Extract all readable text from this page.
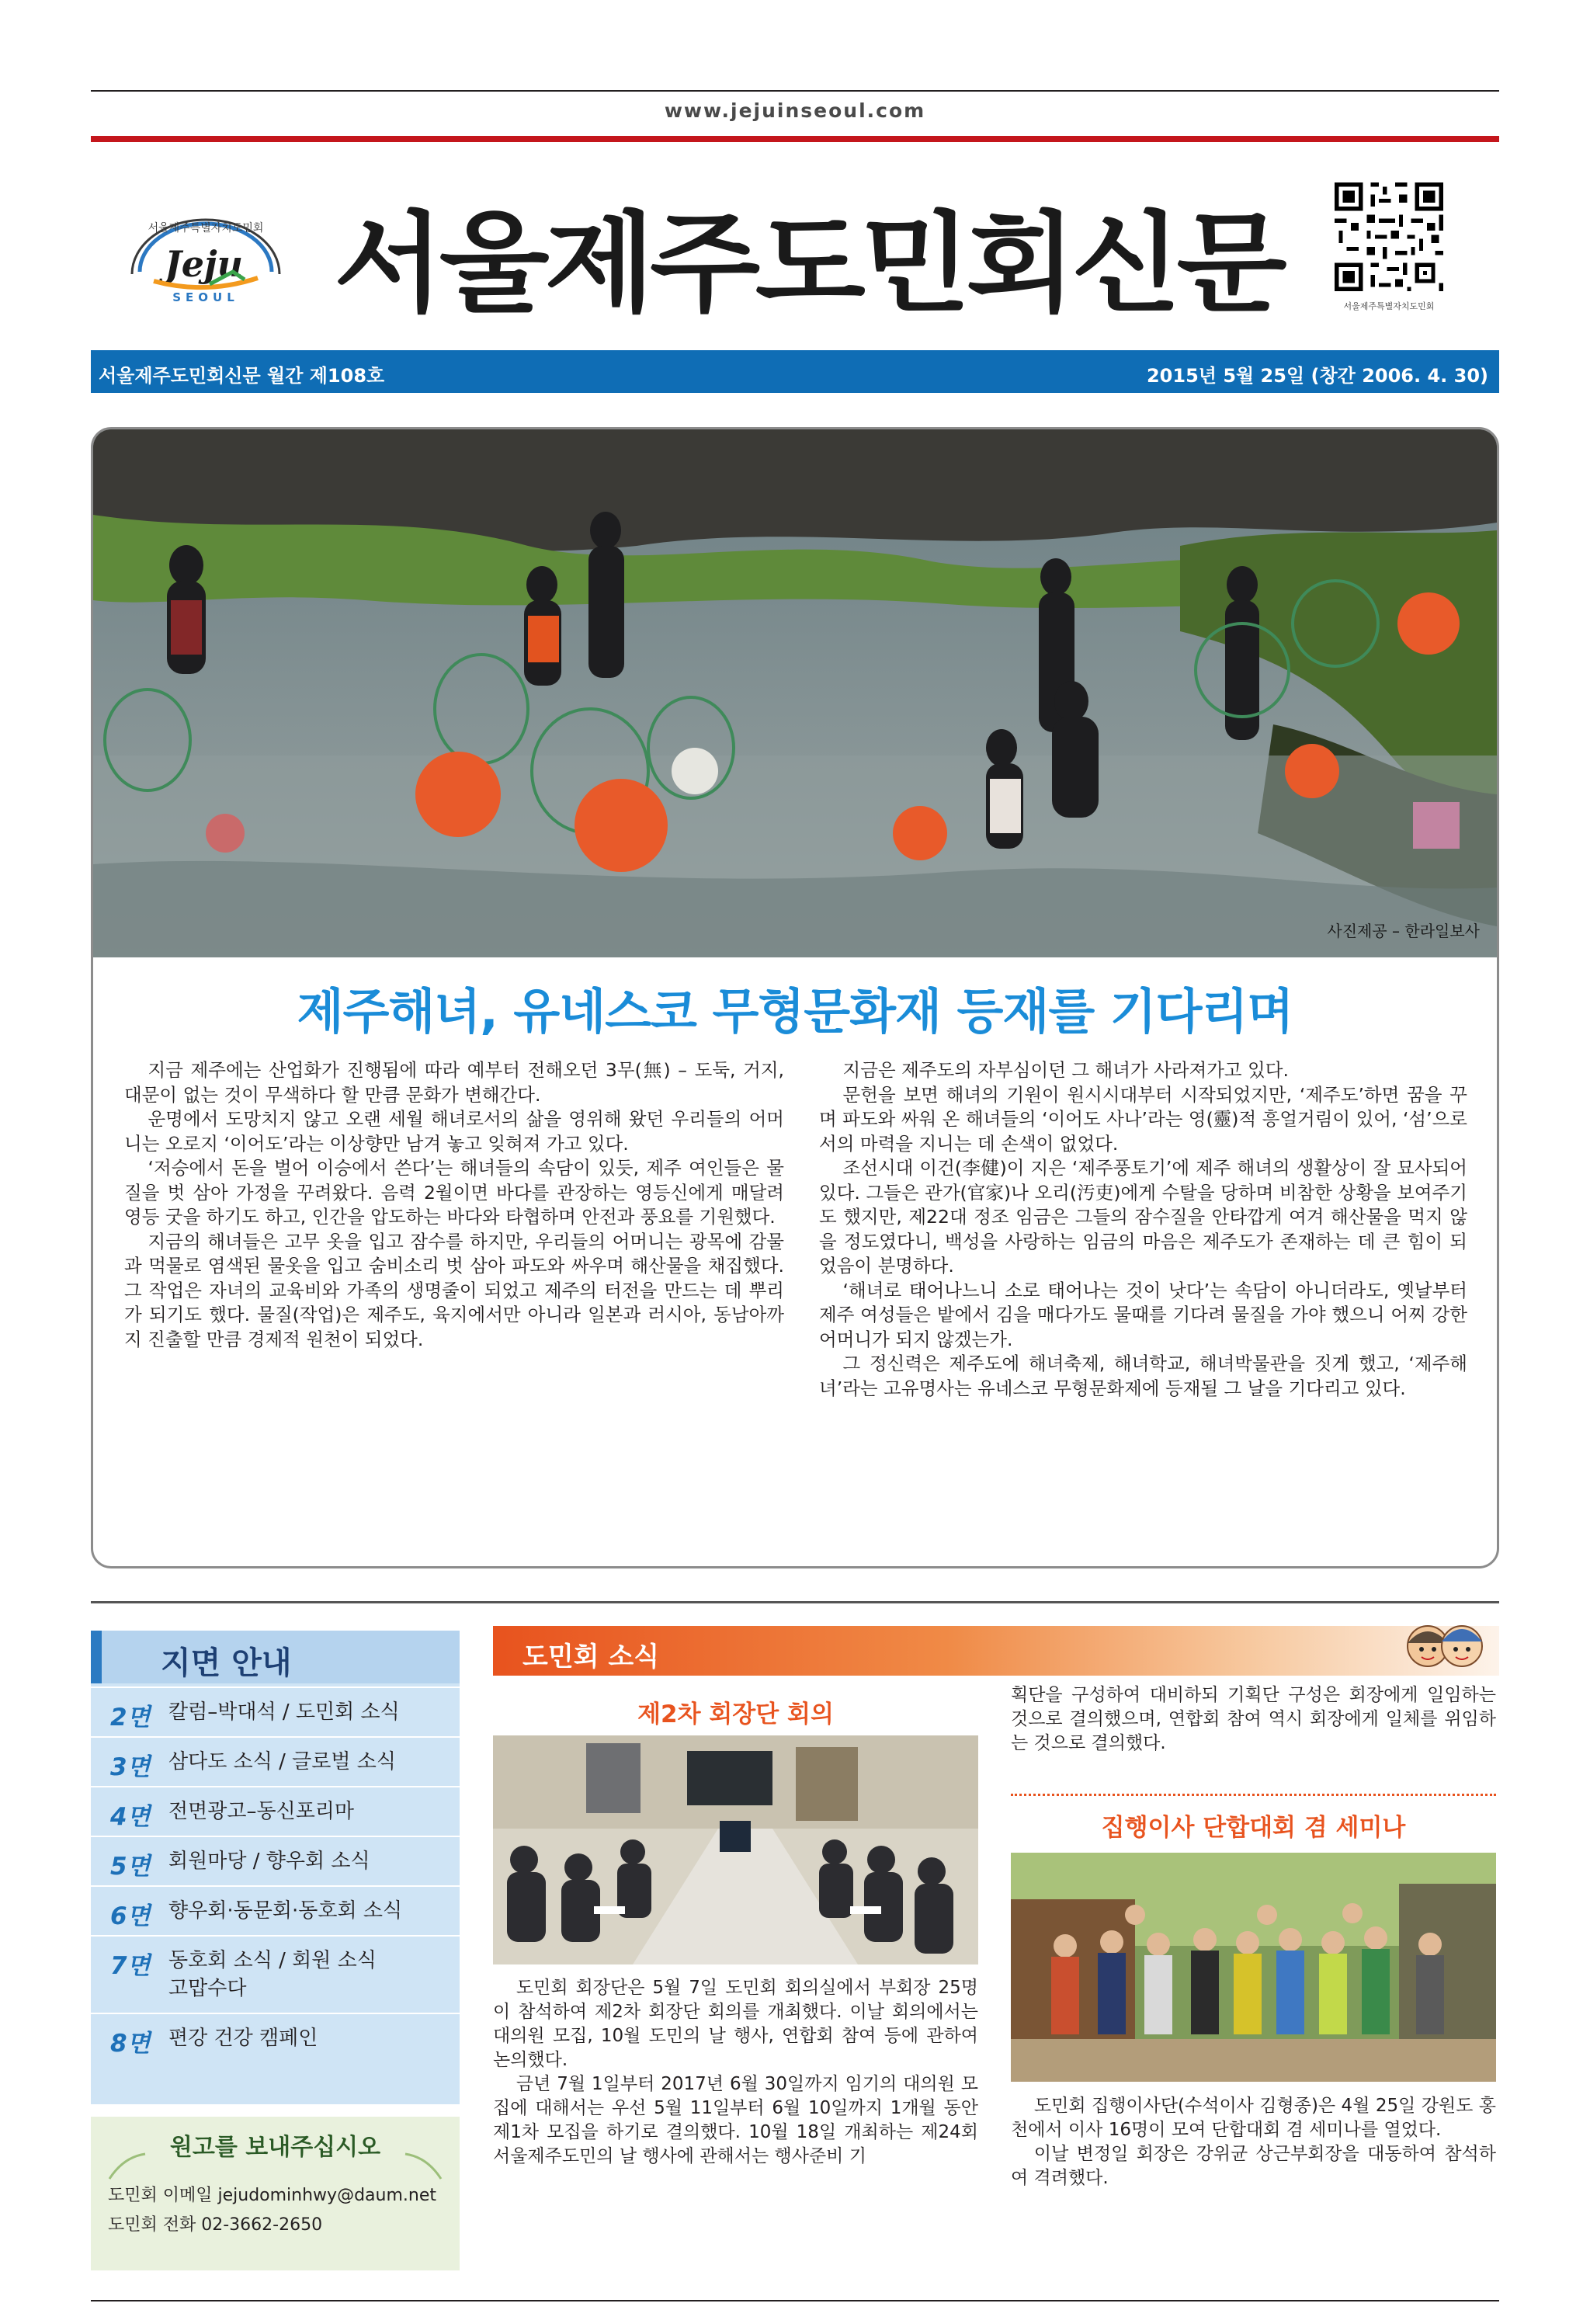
www.jejuinseoul.com
서울제주특별자치도민회
Jeju
SEOUL 서울제주도민회신문	서울제주특별자치도민회
서울제주도민회신문 월간 제108호	2015년 5월 25일 (창간 2006. 4. 30)
사진제공 – 한라일보사
제주해녀, 유네스코 무형문화재 등재를 기다리며

지금 제주에는 산업화가 진행됨에 따라 예부터 전해오던 3무(無) – 도둑, 거지, 대문이 없는 것이 무색하다 할 만큼 문화가 변해간다.

운명에서 도망치지 않고 오랜 세월 해녀로서의 삶을 영위해 왔던 우리들의 어머니는 오로지 ‘이어도’라는 이상향만 남겨 놓고 잊혀져 가고 있다.

‘저승에서 돈을 벌어 이승에서 쓴다’는 해녀들의 속담이 있듯, 제주 여인들은 물질을 벗 삼아 가정을 꾸려왔다. 음력 2월이면 바다를 관장하는 영등신에게 매달려 영등 굿을 하기도 하고, 인간을 압도하는 바다와 타협하며 안전과 풍요를 기원했다.

지금의 해녀들은 고무 옷을 입고 잠수를 하지만, 우리들의 어머니는 광목에 감물과 먹물로 염색된 물옷을 입고 숨비소리 벗 삼아 파도와 싸우며 해산물을 채집했다. 그 작업은 자녀의 교육비와 가족의 생명줄이 되었고 제주의 터전을 만드는 데 뿌리가 되기도 했다. 물질(작업)은 제주도, 육지에서만 아니라 일본과 러시아, 동남아까지 진출할 만큼 경제적 원천이 되었다.

지금은 제주도의 자부심이던 그 해녀가 사라져가고 있다.

문헌을 보면 해녀의 기원이 원시시대부터 시작되었지만, ‘제주도’하면 꿈을 꾸며 파도와 싸워 온 해녀들의 ‘이어도 사나’라는 영(靈)적 흥얼거림이 있어, ‘섬’으로서의 마력을 지니는 데 손색이 없었다.

조선시대 이건(李健)이 지은 ‘제주풍토기’에 제주 해녀의 생활상이 잘 묘사되어 있다. 그들은 관가(官家)나 오리(汚吏)에게 수탈을 당하며 비참한 상황을 보여주기도 했지만, 제22대 정조 임금은 그들의 잠수질을 안타깝게 여겨 해산물을 먹지 않을 정도였다니, 백성을 사랑하는 임금의 마음은 제주도가 존재하는 데 큰 힘이 되었음이 분명하다.

‘해녀로 태어나느니 소로 태어나는 것이 낫다’는 속담이 아니더라도, 옛날부터 제주 여성들은 밭에서 김을 매다가도 물때를 기다려 물질을 가야 했으니 어찌 강한 어머니가 되지 않겠는가.

그 정신력은 제주도에 해녀축제, 해녀학교, 해녀박물관을 짓게 했고, ‘제주해녀’라는 고유명사는 유네스코 무형문화제에 등재될 그 날을 기다리고 있다.

지면 안내
2면 칼럼–박대석 / 도민회 소식
3면 삼다도 소식 / 글로벌 소식
4면 전면광고–동신포리마
5면 회원마당 / 향우회 소식
6면 향우회·동문회·동호회 소식
7면 동호회 소식 / 회원 소식
고맙수다
8면 편강 건강 캠페인
원고를 보내주십시오
도민회 이메일 jejudominhwy@daum.net
도민회 전화 02-3662-2650
도민회 소식
제2차 회장단 회의

도민회 회장단은 5월 7일 도민회 회의실에서 부회장 25명이 참석하여 제2차 회장단 회의를 개최했다. 이날 회의에서는 대의원 모집, 10월 도민의 날 행사, 연합회 참여 등에 관하여 논의했다.

금년 7월 1일부터 2017년 6월 30일까지 임기의 대의원 모집에 대해서는 우선 5월 11일부터 6월 10일까지 1개월 동안 제1차 모집을 하기로 결의했다. 10월 18일 개최하는 제24회 서울제주도민의 날 행사에 관해서는 행사준비 기

획단을 구성하여 대비하되 기획단 구성은 회장에게 일임하는 것으로 결의했으며, 연합회 참여 역시 회장에게 일체를 위임하는 것으로 결의했다.

집행이사 단합대회 겸 세미나

도민회 집행이사단(수석이사 김형종)은 4월 25일 강원도 홍천에서 이사 16명이 모여 단합대회 겸 세미나를 열었다.

이날 변정일 회장은 강위균 상근부회장을 대동하여 참석하여 격려했다.
